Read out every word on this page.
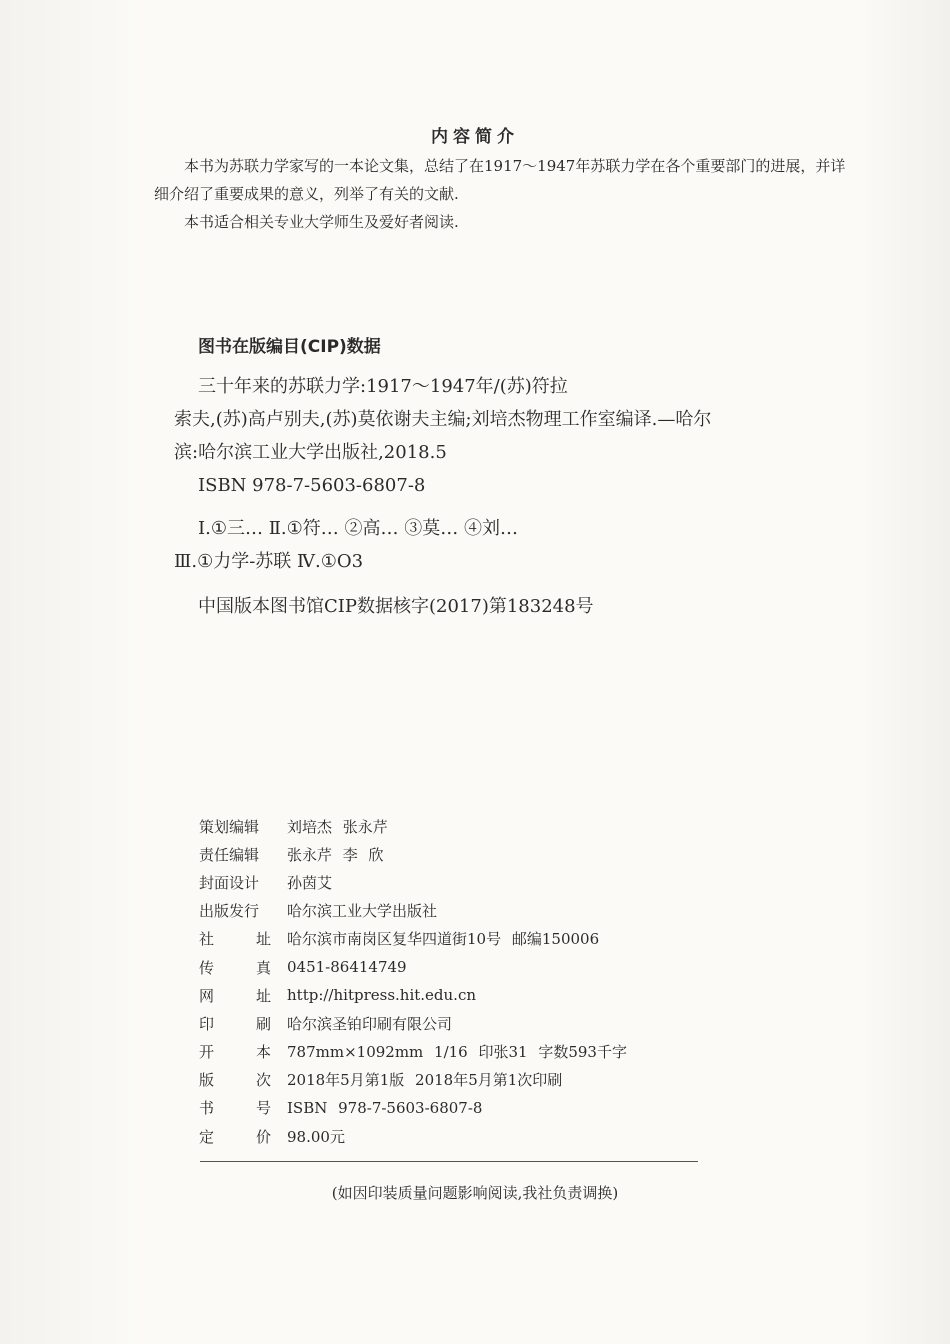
内容简介

本书为苏联力学家写的一本论文集，总结了在1917～1947年苏联力学在各个重要部门的进展，并详细介绍了重要成果的意义，列举了有关的文献.

本书适合相关专业大学师生及爱好者阅读.

图书在版编目(CIP)数据
三十年来的苏联力学:1917～1947年/(苏)符拉
索夫,(苏)高卢别夫,(苏)莫依谢夫主编;刘培杰物理工作室编译.—哈尔
滨:哈尔滨工业大学出版社,2018.5
ISBN 978-7-5603-6807-8
Ⅰ.①三… Ⅱ.①符… ②高… ③莫… ④刘…
Ⅲ.①力学-苏联 Ⅳ.①O3
中国版本图书馆CIP数据核字(2017)第183248号
策划编辑	刘培杰 张永芹
责任编辑	张永芹 李 欣
封面设计	孙茵艾
出版发行	哈尔滨工业大学出版社
社	址 哈尔滨市南岗区复华四道街10号 邮编150006
传	真 0451-86414749
网	址 http://hitpress.hit.edu.cn
印	刷 哈尔滨圣铂印刷有限公司
开	本 787mm×1092mm 1/16 印张31 字数593千字
版	次 2018年5月第1版 2018年5月第1次印刷
书	号 ISBN 978-7-5603-6807-8
定	价 98.00元
(如因印装质量问题影响阅读,我社负责调换)
